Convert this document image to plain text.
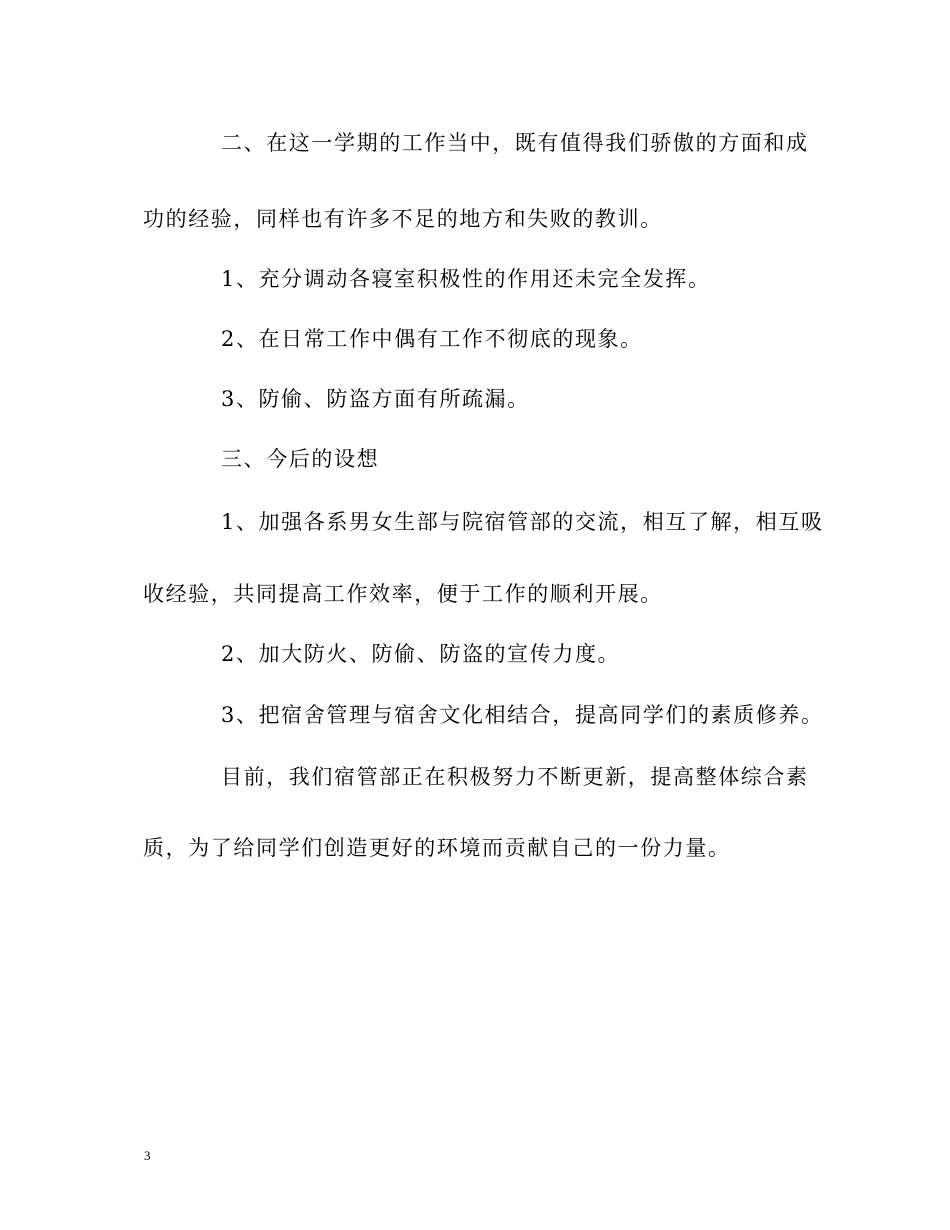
二、在这一学期的工作当中，既有值得我们骄傲的方面和成
功的经验，同样也有许多不足的地方和失败的教训。
1、充分调动各寝室积极性的作用还未完全发挥。
2、在日常工作中偶有工作不彻底的现象。
3、防偷、防盗方面有所疏漏。
三、今后的设想
1、加强各系男女生部与院宿管部的交流，相互了解，相互吸
收经验，共同提高工作效率，便于工作的顺利开展。
2、加大防火、防偷、防盗的宣传力度。
3、把宿舍管理与宿舍文化相结合，提高同学们的素质修养。
目前，我们宿管部正在积极努力不断更新，提高整体综合素
质，为了给同学们创造更好的环境而贡献自己的一份力量。
3
